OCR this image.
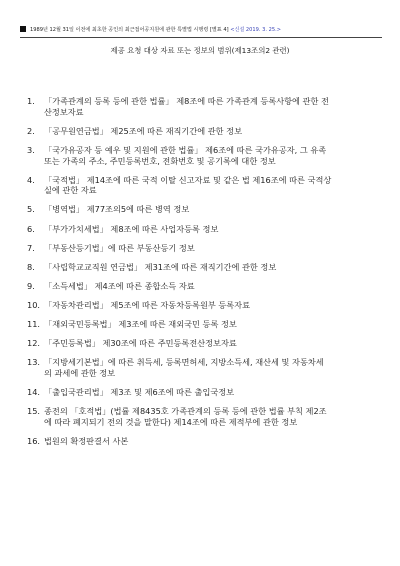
1989년 12월 31일 이전에 최초한 공인의 최근접어공지원에 관한 특별법 시행령 [별표 4] <신설 2019. 3. 25.>
제공 요청 대상 자료 또는 정보의 범위(제13조의2 관련)
1.	「가족관계의 등록 등에 관한 법률」 제8조에 따른 가족관계 등록사항에 관한 전
산정보자료
2.	「공무원연금법」 제25조에 따른 재직기간에 관한 정보
3.	「국가유공자 등 예우 및 지원에 관한 법률」 제6조에 따른 국가유공자, 그 유족
또는 가족의 주소, 주민등록번호, 전화번호 및 공기록에 대한 정보
4.	「국적법」 제14조에 따른 국적 이탈 신고자료 및 같은 법 제16조에 따른 국적상
실에 관한 자료
5.	「병역법」 제77조의5에 따른 병역 정보
6.	「부가가치세법」 제8조에 따른 사업자등록 정보
7.	「부동산등기법」에 따른 부동산등기 정보
8.	「사립학교교직원 연금법」 제31조에 따른 재직기간에 관한 정보
9.	「소득세법」 제4조에 따른 종합소득 자료
10. 「자동차관리법」 제5조에 따른 자동차등록원부 등록자료
11. 「재외국민등록법」 제3조에 따른 재외국민 등록 정보
12. 「주민등록법」 제30조에 따른 주민등록전산정보자료
13. 「지방세기본법」에 따른 취득세, 등록면허세, 지방소득세, 재산세 및 자동차세
의 과세에 관한 정보
14. 「출입국관리법」 제3조 및 제6조에 따른 출입국정보
15. 종전의 「호적법」(법률 제8435호 가족관계의 등록 등에 관한 법률 부칙 제2조
에 따라 폐지되기 전의 것을 말한다) 제14조에 따른 제적부에 관한 정보
16. 법원의 확정판결서 사본
